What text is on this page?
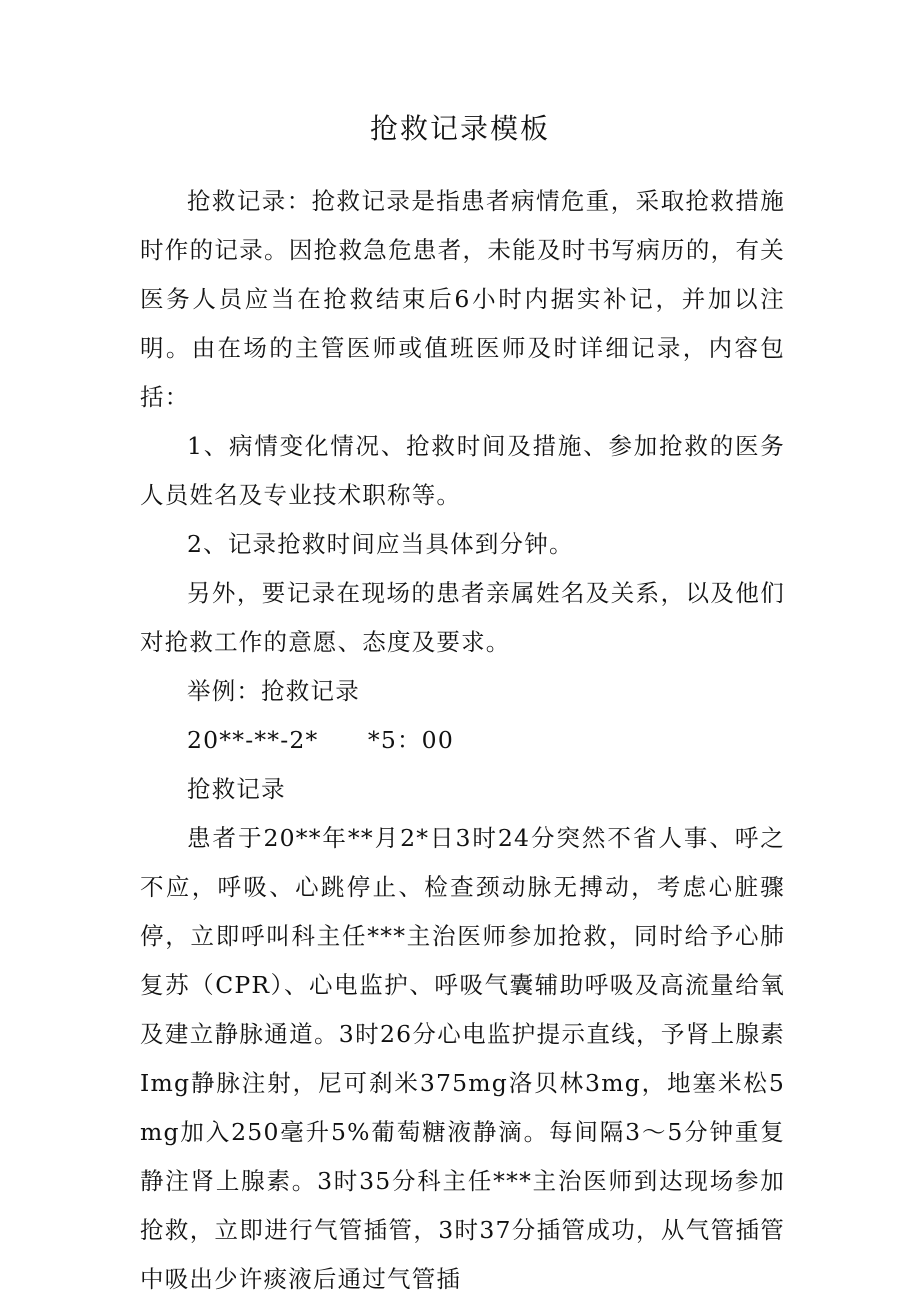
抢救记录模板

抢救记录：抢救记录是指患者病情危重，采取抢救措施时作的记录。因抢救急危患者，未能及时书写病历的，有关医务人员应当在抢救结束后6小时内据实补记，并加以注明。由在场的主管医师或值班医师及时详细记录，内容包括：

1、病情变化情况、抢救时间及措施、参加抢救的医务人员姓名及专业技术职称等。

2、记录抢救时间应当具体到分钟。

另外，要记录在现场的患者亲属姓名及关系，以及他们对抢救工作的意愿、态度及要求。

举例：抢救记录

20**-**-2*　　*5：00

抢救记录

患者于20**年**月2*日3时24分突然不省人事、呼之不应，呼吸、心跳停止、检查颈动脉无搏动，考虑心脏骤停，立即呼叫科主任***主治医师参加抢救，同时给予心肺复苏（CPR）、心电监护、呼吸气囊辅助呼吸及高流量给氧及建立静脉通道。3时26分心电监护提示直线，予肾上腺素Img静脉注射，尼可刹米375mg洛贝林3mg，地塞米松5mg加入250毫升5%葡萄糖液静滴。每间隔3～5分钟重复静注肾上腺素。3时35分科主任***主治医师到达现场参加抢救，立即进行气管插管，3时37分插管成功，从气管插管中吸出少许痰液后通过气管插
